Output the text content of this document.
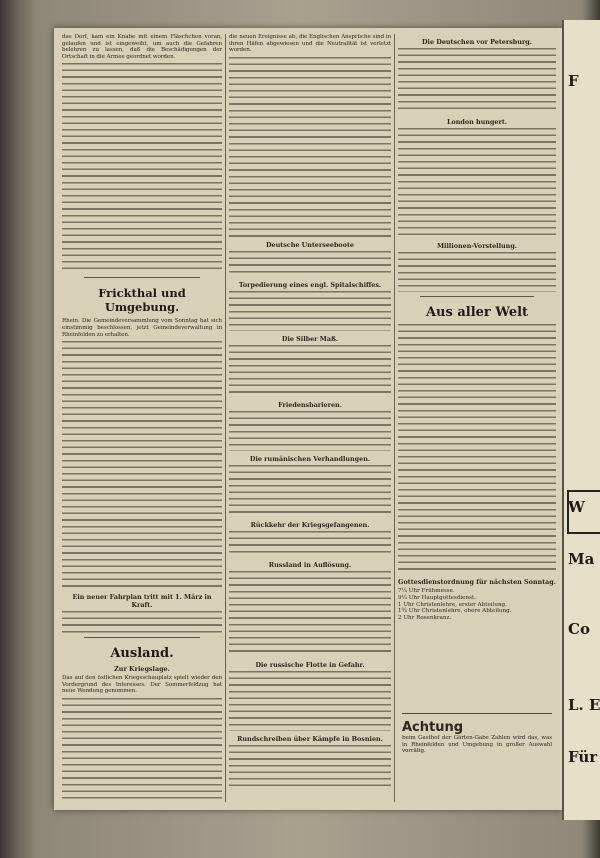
das Dorf, kam ein Knabe mit einem Fläschchen voran, gelaufen und ist eingeweiht, um auch die Gefahren belehren zu lassen, daß die Beschädigungen der Ortschaft in die Armee geordnet worden.

Frickthal und Umgebung.

Rhein. Die Gemeindeversammlung vom Sonntag hat sich einstimmig beschlossen, jetzt Gemeindeverwaltung in Rheinfelden zu erhalten.

Ein neuer Fahrplan tritt mit 1. März in Kraft.
Ausland.
Zur Kriegslage.

Das auf den östlichen Kriegsschauplatz spielt wieder den Vordergrund des Interesses. Der Sommerfeldzug hat neue Wendung genommen.

die neuen Ereignisse ab, die Englischen Ansprüche sind in ihren Häfen abgewiesen und die Neutralität ist verletzt worden.

Deutsche Unterseeboote
Torpedierung eines engl. Spitalschiffes.
Die Silber Maß.
Friedensbarieren.
Die rumänischen Verhandlungen.
Rückkehr der Kriegsgefangenen.
Russland in Auflösung.
Die russische Flotte in Gefahr.
Rundschreiben über Kämpfe in Bosnien.
Die Deutschen vor Petersburg.
London hungert.
Millionen-Vorstellung.
Aus aller Welt
Gottesdienstordnung für nächsten Sonntag.
7¼ Uhr Frühmesse.
9¼ Uhr Hauptgottesdienst.
1 Uhr Christenlehre, erster Abteilung.
1¾ Uhr Christenlehre, obere Abteilung.
2 Uhr Rosenkranz.
Achtung

beim Gasthof der Gärten-Gabe Zahlen wird das, was in Rheinfelden und Umgebung in großer Auswahl vorrätig.

F
W
Ma
Co
L. E
Für
